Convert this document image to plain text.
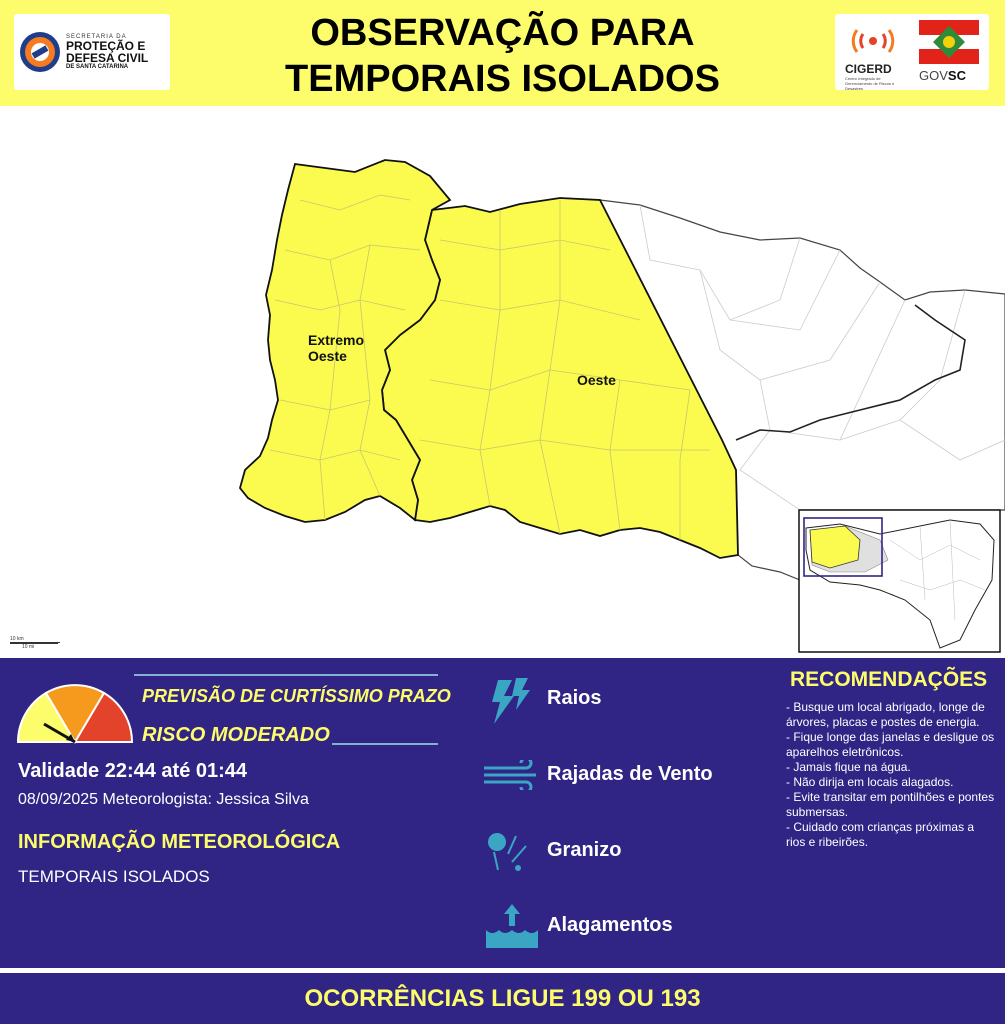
SECRETARIA DA
PROTEÇÃO E
DEFESA CIVIL
DE SANTA CATARINA
OBSERVAÇÃO PARA
TEMPORAIS ISOLADOS	CIGERD
Centro Integrado de Gerenciamento de Riscos e Desastres
GOVSC
Extremo
Oeste
Oeste
10 km
10 mi
PREVISÃO DE CURTÍSSIMO PRAZO
RISCO MODERADO
Validade 22:44 até 01:44
08/09/2025 Meteorologista: Jessica Silva
INFORMAÇÃO METEOROLÓGICA
TEMPORAIS ISOLADOS
Raios
Rajadas de Vento
Granizo
Alagamentos
RECOMENDAÇÕES
- Busque um local abrigado, longe de árvores, placas e postes de energia.
- Fique longe das janelas e desligue os aparelhos eletrônicos.
- Jamais fique na água.
- Não dirija em locais alagados.
- Evite transitar em pontilhões e pontes submersas.
- Cuidado com crianças próximas a rios e ribeirões.
OCORRÊNCIAS LIGUE 199 OU 193
